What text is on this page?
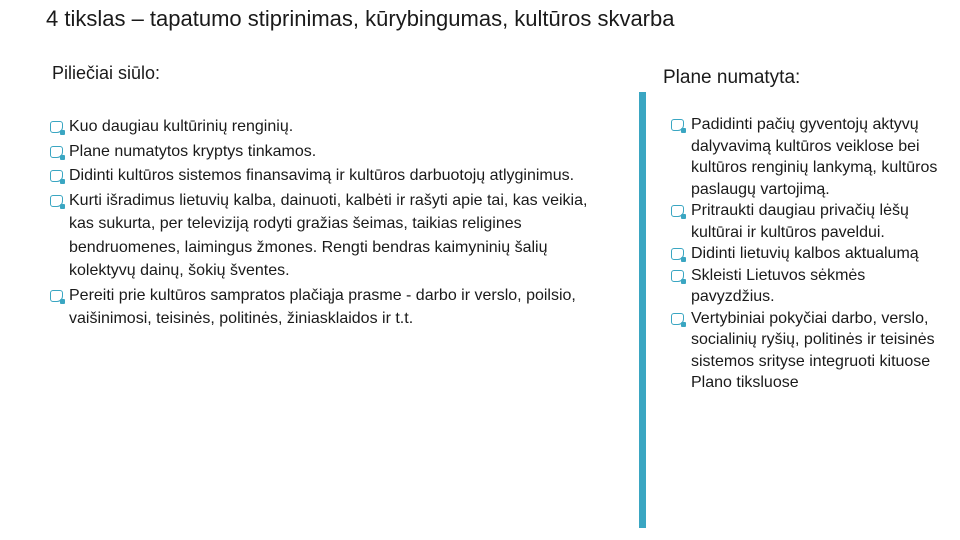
4 tikslas – tapatumo stiprinimas, kūrybingumas, kultūros skvarba
Piliečiai siūlo:	Plane numatyta:
Kuo daugiau kultūrinių renginių.
Plane numatytos kryptys tinkamos.
Didinti kultūros sistemos finansavimą ir kultūros darbuotojų atlyginimus.
Kurti išradimus lietuvių kalba, dainuoti, kalbėti ir rašyti apie tai, kas veikia, kas sukurta, per televiziją rodyti gražias šeimas, taikias religines bendruomenes, laimingus žmones. Rengti bendras kaimyninių šalių kolektyvų dainų, šokių šventes.
Pereiti prie kultūros sampratos plačiąja prasme - darbo ir verslo, poilsio, vaišinimosi, teisinės, politinės, žiniasklaidos ir t.t.
Padidinti pačių gyventojų aktyvų dalyvavimą kultūros veiklose bei kultūros renginių lankymą, kultūros paslaugų vartojimą.
Pritraukti daugiau privačių lėšų kultūrai ir kultūros paveldui.
Didinti lietuvių kalbos aktualumą
Skleisti Lietuvos sėkmės pavyzdžius.
Vertybiniai pokyčiai darbo, verslo, socialinių ryšių, politinės ir teisinės sistemos srityse integruoti kituose Plano tiksluose
